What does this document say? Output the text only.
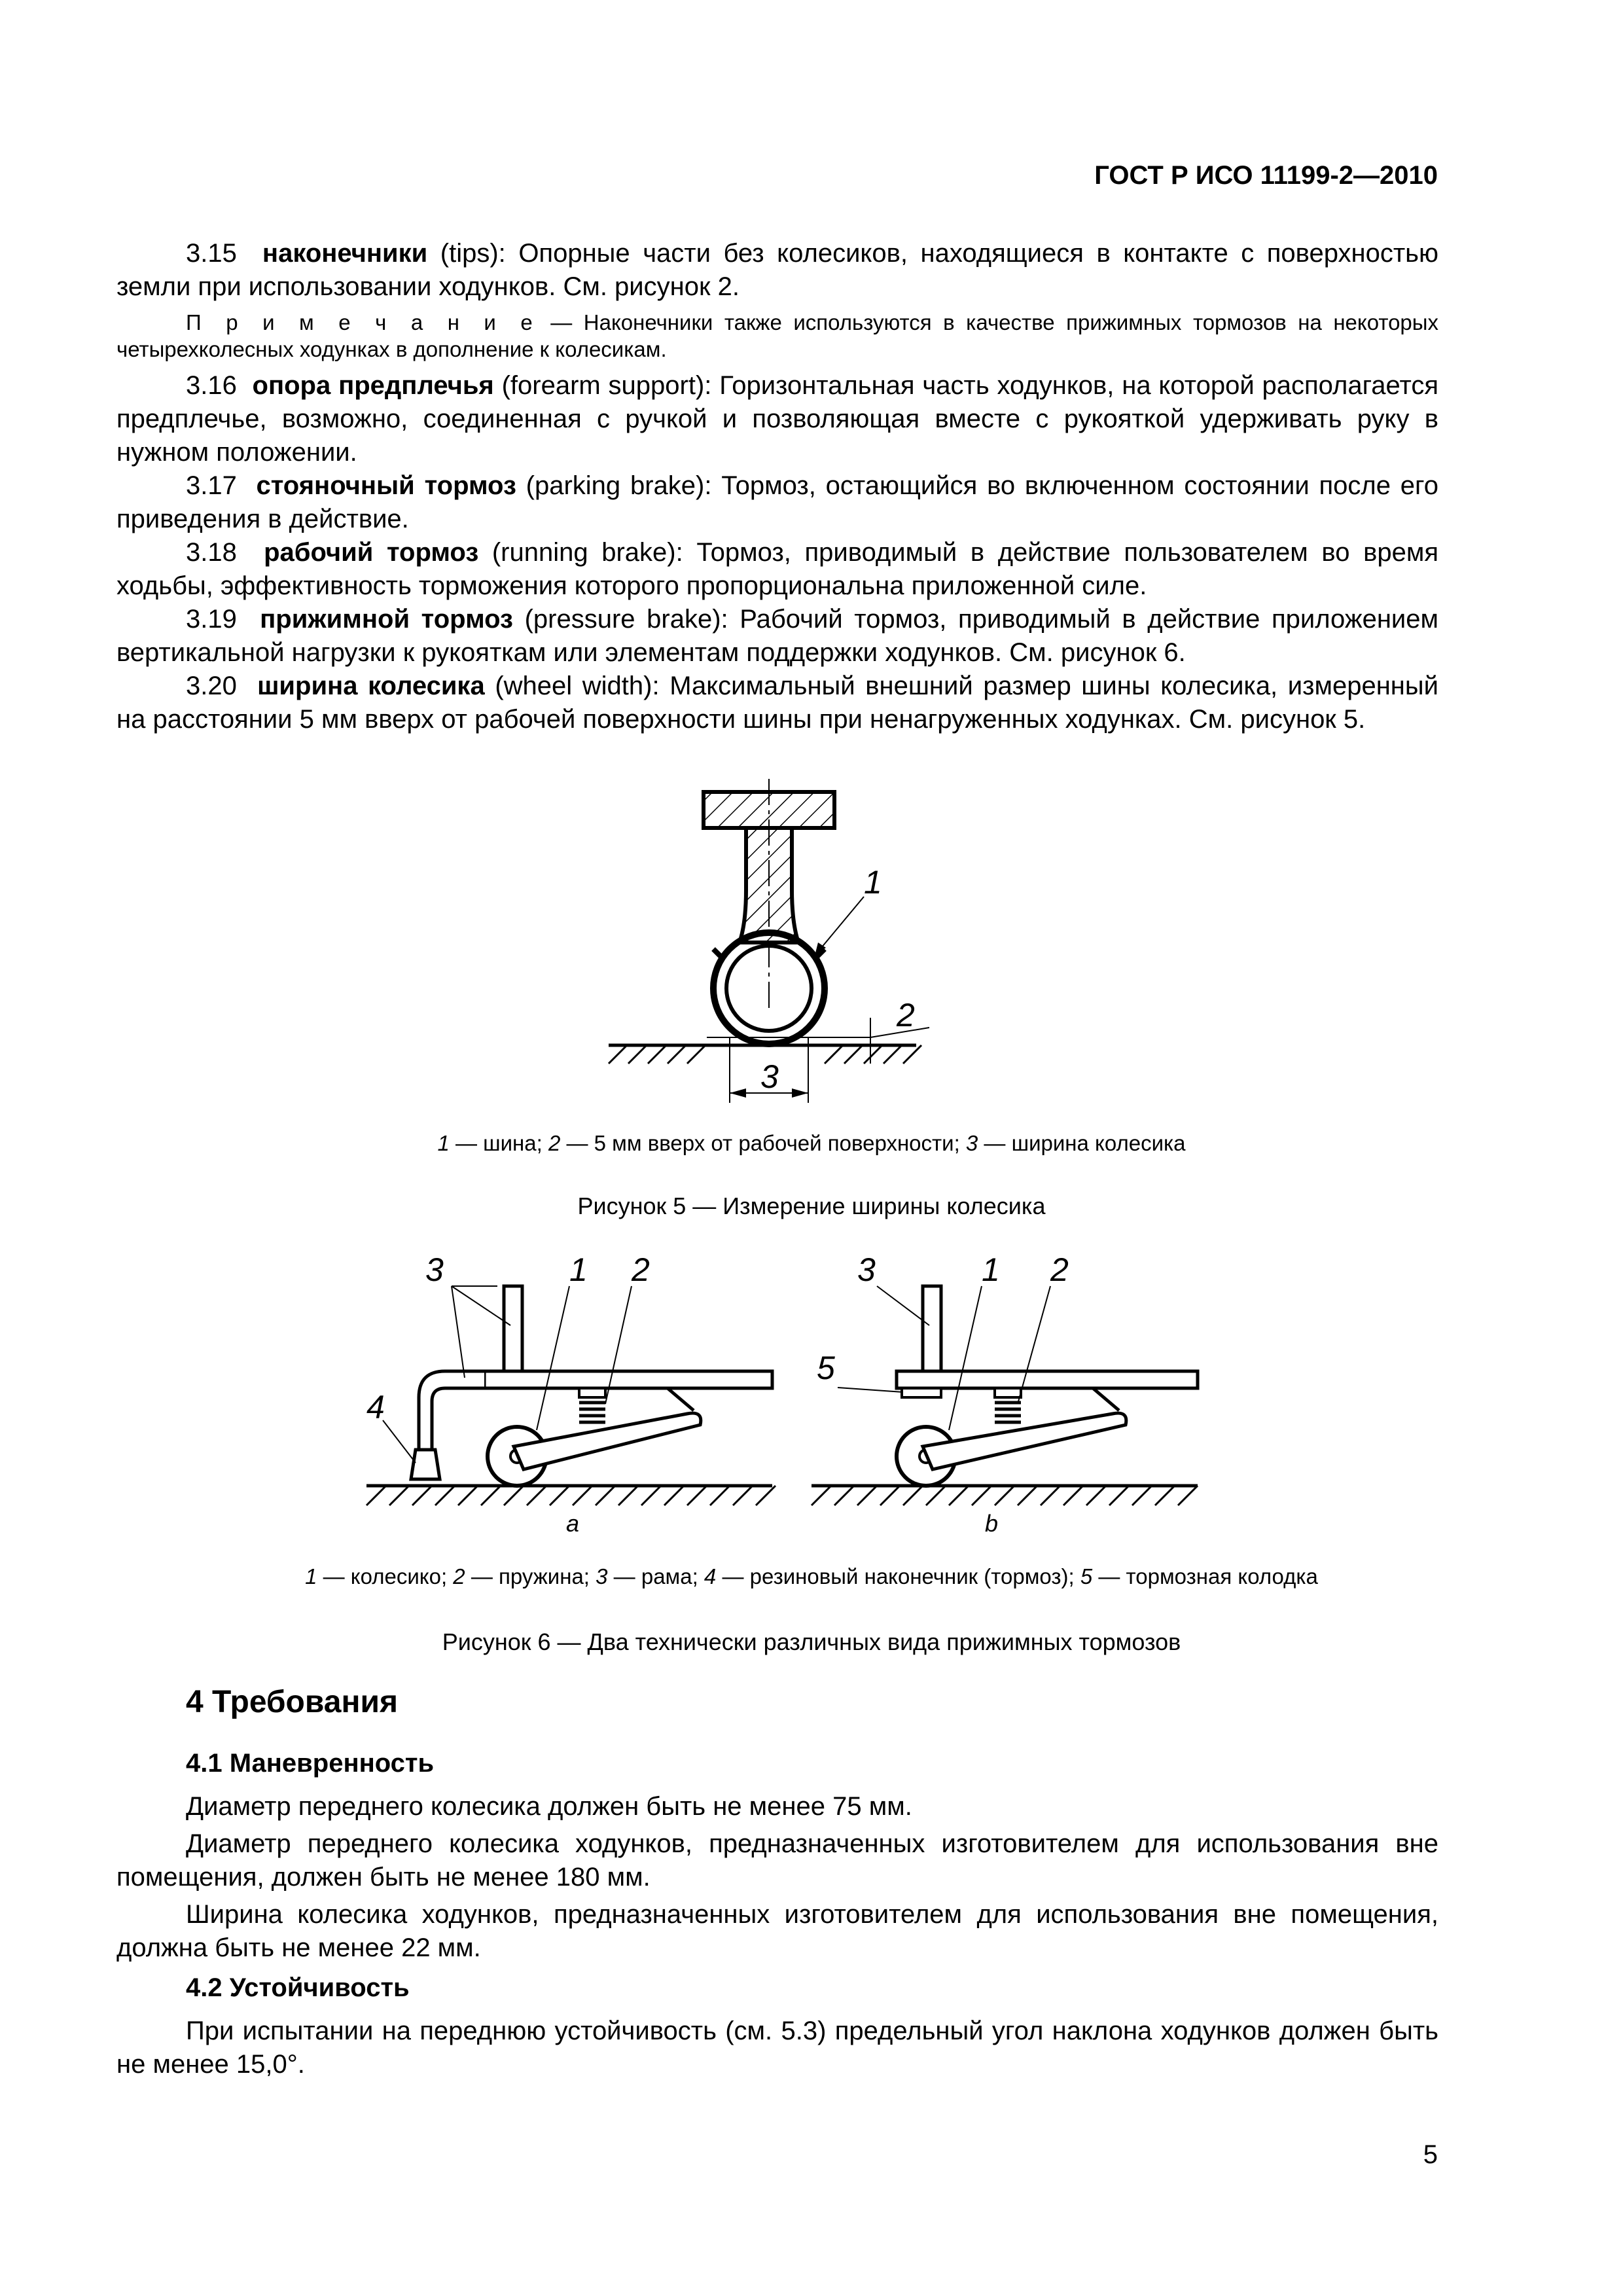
ГОСТ Р ИСО 11199-2—2010

3.15 наконечники (tips): Опорные части без колесиков, находящиеся в контакте с поверхностью земли при использовании ходунков. См. рисунок 2.

П р и м е ч а н и е — Наконечники также используются в качестве прижимных тормозов на некоторых четырехколесных ходунках в дополнение к колесикам.

3.16 опора предплечья (forearm support): Горизонтальная часть ходунков, на которой располагается предплечье, возможно, соединенная с ручкой и позволяющая вместе с рукояткой удерживать руку в нужном положении.

3.17 стояночный тормоз (parking brake): Тормоз, остающийся во включенном состоянии после его приведения в действие.

3.18 рабочий тормоз (running brake): Тормоз, приводимый в действие пользователем во время ходьбы, эффективность торможения которого пропорциональна приложенной силе.

3.19 прижимной тормоз (pressure brake): Рабочий тормоз, приводимый в действие приложением вертикальной нагрузки к рукояткам или элементам поддержки ходунков. См. рисунок 6.

3.20 ширина колесика (wheel width): Максимальный внешний размер шины колесика, измеренный на расстоянии 5 мм вверх от рабочей поверхности шины при ненагруженных ходунках. См. рисунок 5.

1
2
3
1 — шина; 2 — 5 мм вверх от рабочей поверхности; 3 — ширина колесика
Рисунок 5 — Измерение ширины колесика
3	1 2
4
a
3	1 2
5
b
1 — колесико; 2 — пружина; 3 — рама; 4 — резиновый наконечник (тормоз); 5 — тормозная колодка
Рисунок 6 — Два технически различных вида прижимных тормозов
4 Требования
4.1 Маневренность

Диаметр переднего колесика должен быть не менее 75 мм.

Диаметр переднего колесика ходунков, предназначенных изготовителем для использования вне помещения, должен быть не менее 180 мм.

Ширина колесика ходунков, предназначенных изготовителем для использования вне помещения, должна быть не менее 22 мм.

4.2 Устойчивость

При испытании на переднюю устойчивость (см. 5.3) предельный угол наклона ходунков должен быть не менее 15,0°.

5
